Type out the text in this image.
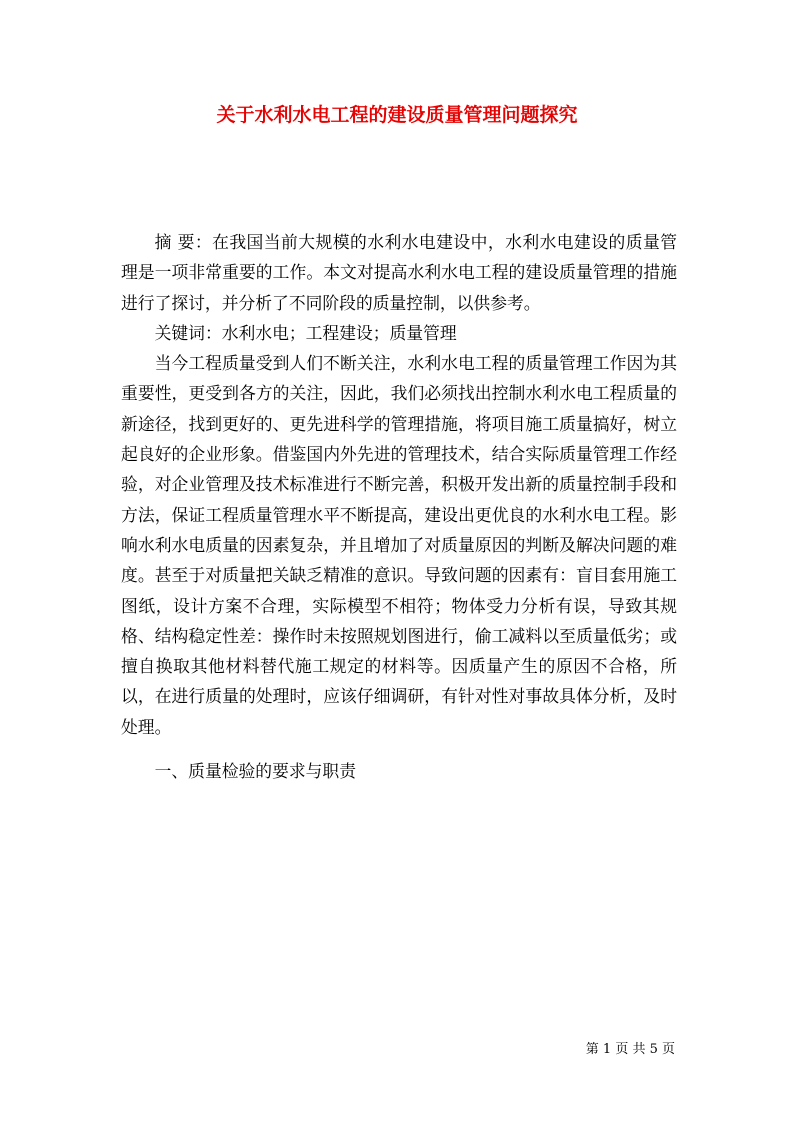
关于水利水电工程的建设质量管理问题探究

摘 要：在我国当前大规模的水利水电建设中，水利水电建设的质量管理是一项非常重要的工作。本文对提高水利水电工程的建设质量管理的措施进行了探讨，并分析了不同阶段的质量控制，以供参考。

关键词：水利水电；工程建设；质量管理

当今工程质量受到人们不断关注，水利水电工程的质量管理工作因为其重要性，更受到各方的关注，因此，我们必须找出控制水利水电工程质量的新途径，找到更好的、更先进科学的管理措施，将项目施工质量搞好，树立起良好的企业形象。借鉴国内外先进的管理技术，结合实际质量管理工作经验，对企业管理及技术标准进行不断完善，积极开发出新的质量控制手段和方法，保证工程质量管理水平不断提高，建设出更优良的水利水电工程。影响水利水电质量的因素复杂，并且增加了对质量原因的判断及解决问题的难度。甚至于对质量把关缺乏精准的意识。导致问题的因素有：盲目套用施工图纸，设计方案不合理，实际模型不相符；物体受力分析有误，导致其规格、结构稳定性差：操作时未按照规划图进行，偷工减料以至质量低劣；或擅自换取其他材料替代施工规定的材料等。因质量产生的原因不合格，所以，在进行质量的处理时，应该仔细调研，有针对性对事故具体分析，及时处理。

一、质量检验的要求与职责

第 1 页 共 5 页
